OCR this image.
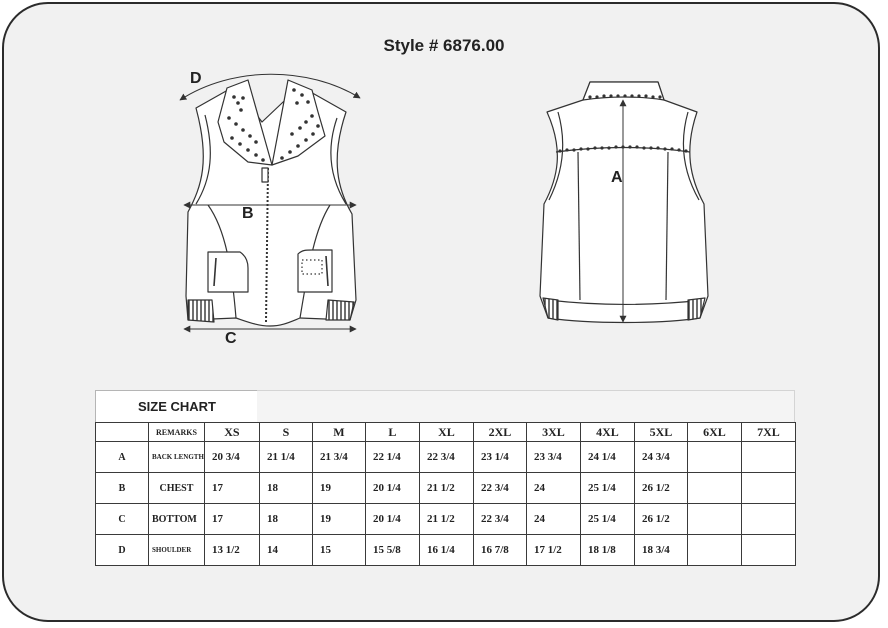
Style # 6876.00
D
B
C
A
SIZE CHART
	REMARKS	XS	S	M	L	XL	2XL	3XL	4XL	5XL	6XL	7XL
A	BACK LENGTH	20 3/4	21 1/4	21 3/4	22 1/4	22 3/4	23 1/4	23 3/4	24 1/4	24 3/4		
B	CHEST	17	18	19	20 1/4	21 1/2	22 3/4	24	25 1/4	26 1/2		
C	BOTTOM	17	18	19	20 1/4	21 1/2	22 3/4	24	25 1/4	26 1/2		
D	SHOULDER	13 1/2	14	15	15 5/8	16 1/4	16 7/8	17 1/2	18 1/8	18 3/4		
